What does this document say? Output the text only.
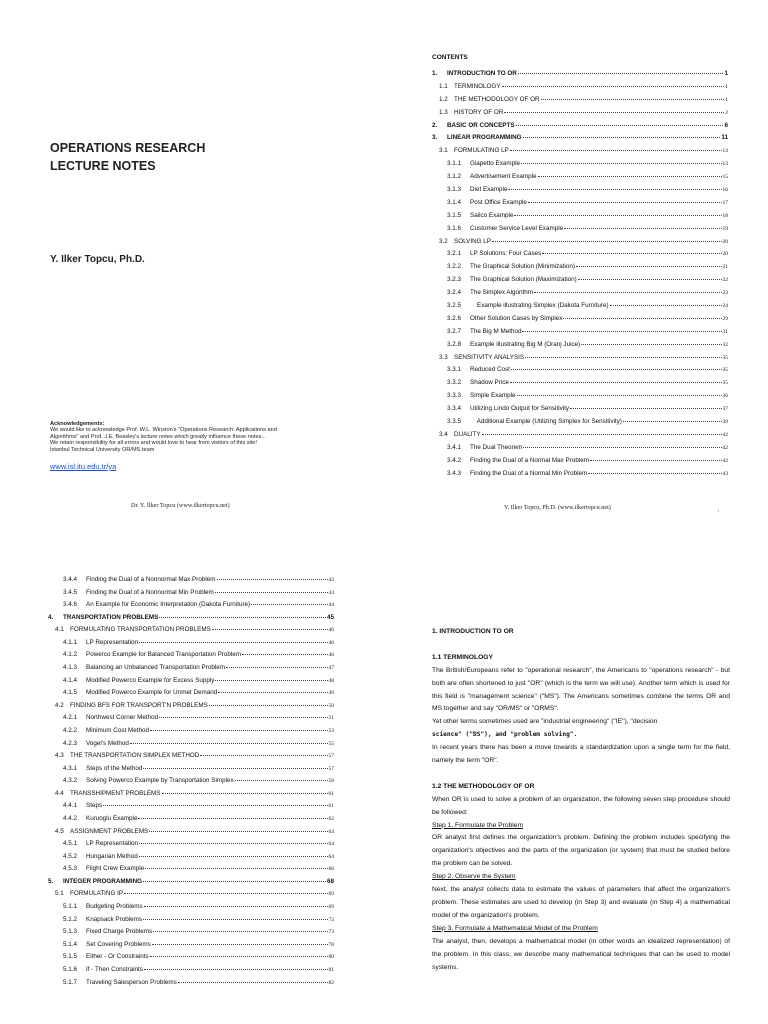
OPERATIONS RESEARCH
LECTURE NOTES
Y. Ilker Topcu, Ph.D.
Acknowledgements:
We would like to acknowledge Prof. W.L. Winston's "Operations Research: Applications and
Algorithms" and Prof. J.E. Beasley's lecture notes which greatly influence these notes...
We retain responsibility for all errors and would love to hear from visitors of this site!
Istanbul Technical University OR/MS team
www.isl.itu.edu.tr/ya
Dr. Y. Ilker Topcu (www.ilkertopcu.net)
CONTENTS
1.	INTRODUCTION TO OR	1
1.1 TERMINOLOGY	1
1.2 THE METHODOLOGY OF OR	1
1.3 HISTORY OF OR	2
2.	BASIC OR CONCEPTS	6
3.	LINEAR PROGRAMMING	11
3.1 FORMULATING LP	13
3.1.1	Giapetto Example	13
3.1.2	Advertisement Example	15
3.1.3	Diet Example	16
3.1.4	Post Office Example	17
3.1.5	Sailco Example	18
3.1.6	Customer Service Level Example	19
3.2 SOLVING LP	20
3.2.1	LP Solutions: Four Cases	20
3.2.2	The Graphical Solution (Minimization)	21
3.2.3	The Graphical Solution (Maximization)	22
3.2.4	The Simplex Algorithm	23
3.2.5	Example illustrating Simplex (Dakota Furniture)	24
3.2.6	Other Solution Cases by Simplex	29
3.2.7	The Big M Method	31
3.2.8	Example illustrating Big M (Oranj Juice)	32
3.3 SENSITIVITY ANALYSIS	35
3.3.1	Reduced Cost	35
3.3.2	Shadow Price	35
3.3.3	Simple Example	36
3.3.4	Utilizing Lindo Output for Sensitivity	37
3.3.5	Additional Example (Utilizing Simplex for Sensitivity)	39
3.4 DUALITY	42
3.4.1	The Dual Theorem	42
3.4.2	Finding the Dual of a Normal Max Problem	42
3.4.3	Finding the Dual of a Normal Min Problem	43
Y. Ilker Topcu, Ph.D. (www.ilkertopcu.net)
3.4.4	Finding the Dual of a Nonnormal Max Problem	43
3.4.5	Finding the Dual of a Nonnormal Min Problem	43
3.4.6	An Example for Economic Interpretation (Dakota Furniture)	44
4.	TRANSPORTATION PROBLEMS	45
4.1 FORMULATING TRANSPORTATION PROBLEMS	46
4.1.1	LP Representation	46
4.1.2	Powerco Example for Balanced Transportation Problem	46
4.1.3	Balancing an Unbalanced Transportation Problem	47
4.1.4	Modified Powerco Example for Excess Supply	48
4.1.5	Modified Powerco Example for Unmet Demand	49
4.2 FINDING BFS FOR TRANSPORT'N PROBLEMS	50
4.2.1	Northwest Corner Method	51
4.2.2	Minimum Cost Method	53
4.2.3	Vogel's Method	55
4.3 THE TRANSPORTATION SIMPLEX METHOD	57
4.3.1	Steps of the Method	57
4.3.2	Solving Powerco Example by Transportation Simplex	58
4.4 TRANSSHIPMENT PROBLEMS	61
4.4.1	Steps	61
4.4.2	Kuruoglu Example	62
4.5 ASSIGNMENT PROBLEMS	64
4.5.1	LP Representation	64
4.5.2	Hungarian Method	64
4.5.3	Flight Crew Example	66
5.	INTEGER PROGRAMMING	68
5.1 FORMULATING IP	69
5.1.1	Budgeting Problems	69
5.1.2	Knapsack Problems	72
5.1.3	Fixed Charge Problems	73
5.1.4	Set Covering Problems	78
5.1.5	Either - Or Constraints	80
5.1.6	If - Then Constraints	81
5.1.7	Traveling Salesperson Problems	82
1. INTRODUCTION TO OR
1.1 TERMINOLOGY

The British/Europeans refer to "operational research", the Americans to "operations research" - but both are often shortened to just "OR" (which is the term we will use). Another term which is used for this field is "management science" ("MS"). The Americans sometimes combine the terms OR and MS together and say "OR/MS" or "ORMS".

Yet other terms sometimes used are "industrial engineering" ("IE"), "decision

science" ("DS"), and "problem solving".

In recent years there has been a move towards a standardization upon a single term for the field, namely the term "OR".

1.2 THE METHODOLOGY OF OR

When OR is used to solve a problem of an organization, the following seven step procedure should be followed:

Step 1. Formulate the Problem

OR analyst first defines the organization's problem. Defining the problem includes specifying the organization's objectives and the parts of the organization (or system) that must be studied before the problem can be solved.

Step 2. Observe the System

Next, the analyst collects data to estimate the values of parameters that affect the organization's problem. These estimates are used to develop (in Step 3) and evaluate (in Step 4) a mathematical model of the organization's problem.

Step 3. Formulate a Mathematical Model of the Problem

The analyst, then, develops a mathematical model (in other words an idealized representation) of the problem. In this class, we describe many mathematical techniques that can be used to model systems.
